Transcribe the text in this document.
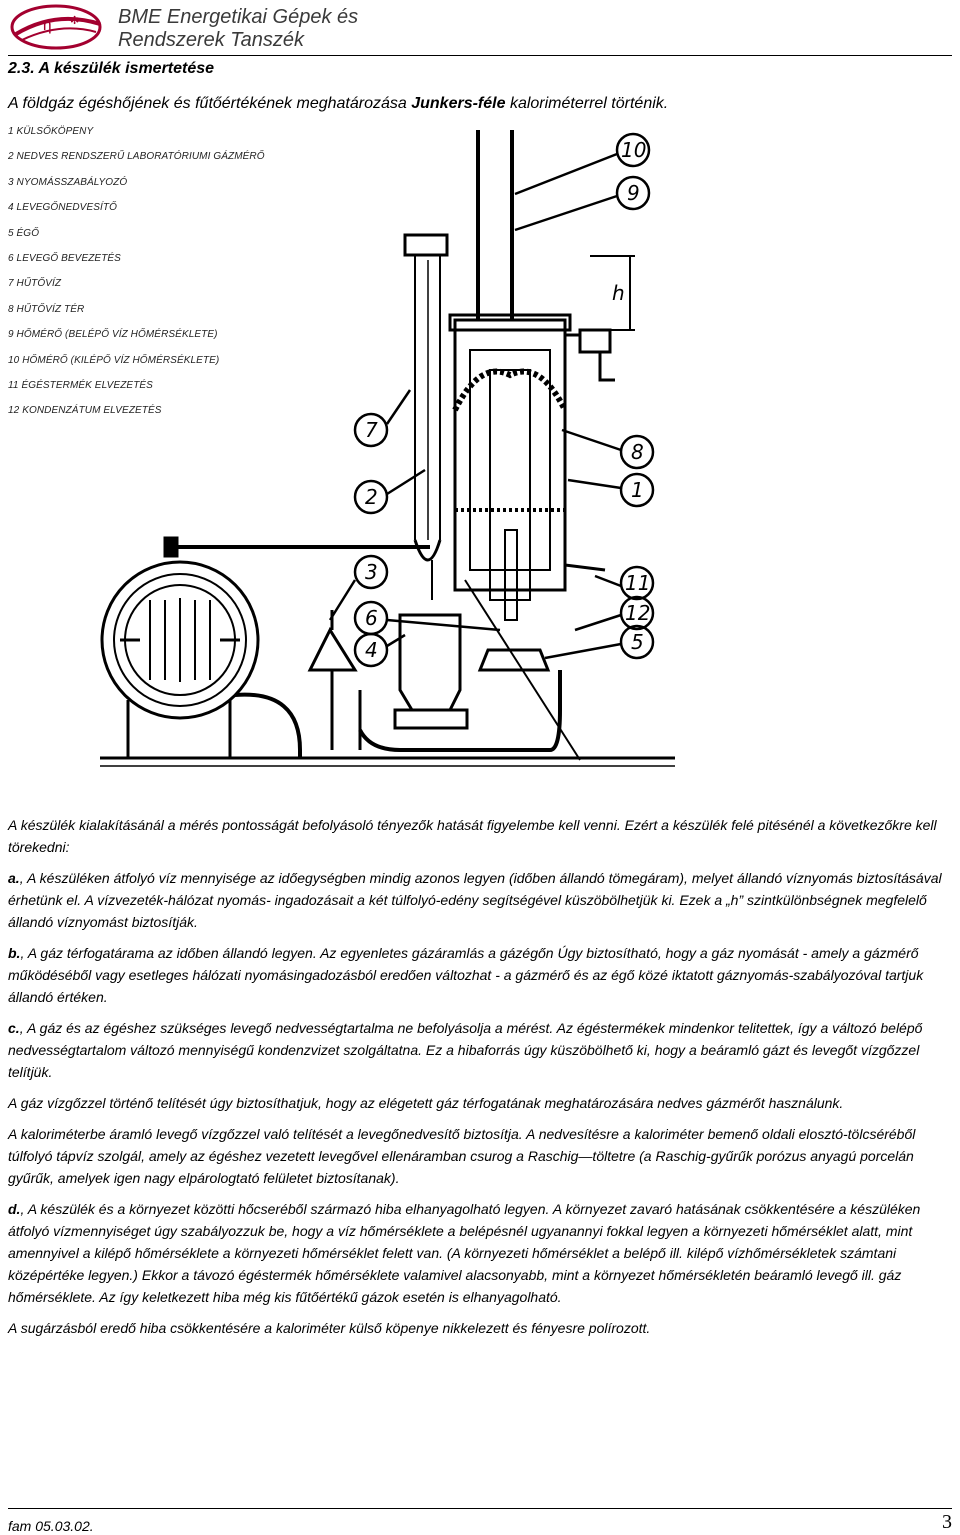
η ✻ BME Energetikai Gépek és
Rendszerek Tanszék
2.3. A készülék ismertetése
A földgáz égéshőjének és fűtőértékének meghatározása Junkers-féle kaloriméterrel történik.
h
10
9
7
8
1
2
3	11
6	12
4	5
1 KÜLSŐKÖPENY
2 NEDVES RENDSZERŰ LABORATÓRIUMI GÁZMÉRŐ
3 NYOMÁSSZABÁLYOZÓ
4 LEVEGŐNEDVESÍTŐ
5 ÉGŐ
6 LEVEGŐ BEVEZETÉS
7 HŰTŐVÍZ
8 HŰTŐVÍZ TÉR
9 HŐMÉRŐ (BELÉPŐ VÍZ HŐMÉRSÉKLETE)
10 HŐMÉRŐ (KILÉPŐ VÍZ HŐMÉRSÉKLETE)
11 ÉGÉSTERMÉK ELVEZETÉS
12 KONDENZÁTUM ELVEZETÉS

A készülék kialakításánál a mérés pontosságát befolyásoló tényezők hatását figyelembe kell venni. Ezért a készülék felé pitésénél a következőkre kell törekedni:

a., A készüléken átfolyó víz mennyisége az időegységben mindig azonos legyen (időben állandó tömegáram), melyet állandó víznyomás biztosításával érhetünk el. A vízvezeték-hálózat nyomás- ingadozásait a két túlfolyó-edény segítségével küszöbölhetjük ki. Ezek a „h” szintkülönbségnek megfelelő állandó víznyomást biztosítják.

b., A gáz térfogatárama az időben állandó legyen. Az egyenletes gázáramlás a gázégőn Úgy biztosítható, hogy a gáz nyomását - amely a gázmérő működéséből vagy esetleges hálózati nyomásingadozásból eredően változhat - a gázmérő és az égő közé iktatott gáznyomás-szabályozóval tartjuk állandó értéken.

c., A gáz és az égéshez szükséges levegő nedvességtartalma ne befolyásolja a mérést. Az égéstermékek mindenkor telitettek, így a változó belépő nedvességtartalom változó mennyiségű kondenzvizet szolgáltatna. Ez a hibaforrás úgy küszöbölhető ki, hogy a beáramló gázt és levegőt vízgőzzel telítjük.

A gáz vízgőzzel történő telítését úgy biztosíthatjuk, hogy az elégetett gáz térfogatának meghatározására nedves gázmérőt használunk.

A kaloriméterbe áramló levegő vízgőzzel való telítését a levegőnedvesítő biztosítja. A nedvesítésre a kaloriméter bemenő oldali elosztó-tölcséréből túlfolyó tápvíz szolgál, amely az égéshez vezetett levegővel ellenáramban csurog a Raschig—töltetre (a Raschig-gyűrűk porózus anyagú porcelán gyűrűk, amelyek igen nagy elpárologtató felületet biztosítanak).

d., A készülék és a környezet közötti hőcseréből származó hiba elhanyagolható legyen. A környezet zavaró hatásának csökkentésére a készüléken átfolyó vízmennyiséget úgy szabályozzuk be, hogy a víz hőmérséklete a belépésnél ugyanannyi fokkal legyen a környezeti hőmérséklet alatt, mint amennyivel a kilépő hőmérséklete a környezeti hőmérséklet felett van. (A környezeti hőmérséklet a belépő ill. kilépő vízhőmérsékletek számtani középértéke legyen.) Ekkor a távozó égéstermék hőmérséklete valamivel alacsonyabb, mint a környezet hőmérsékletén beáramló levegő ill. gáz hőmérséklete. Az így keletkezett hiba még kis fűtőértékű gázok esetén is elhanyagolható.

A sugárzásból eredő hiba csökkentésére a kaloriméter külső köpenye nikkelezett és fényesre polírozott.

fam 05.03.02.	3
